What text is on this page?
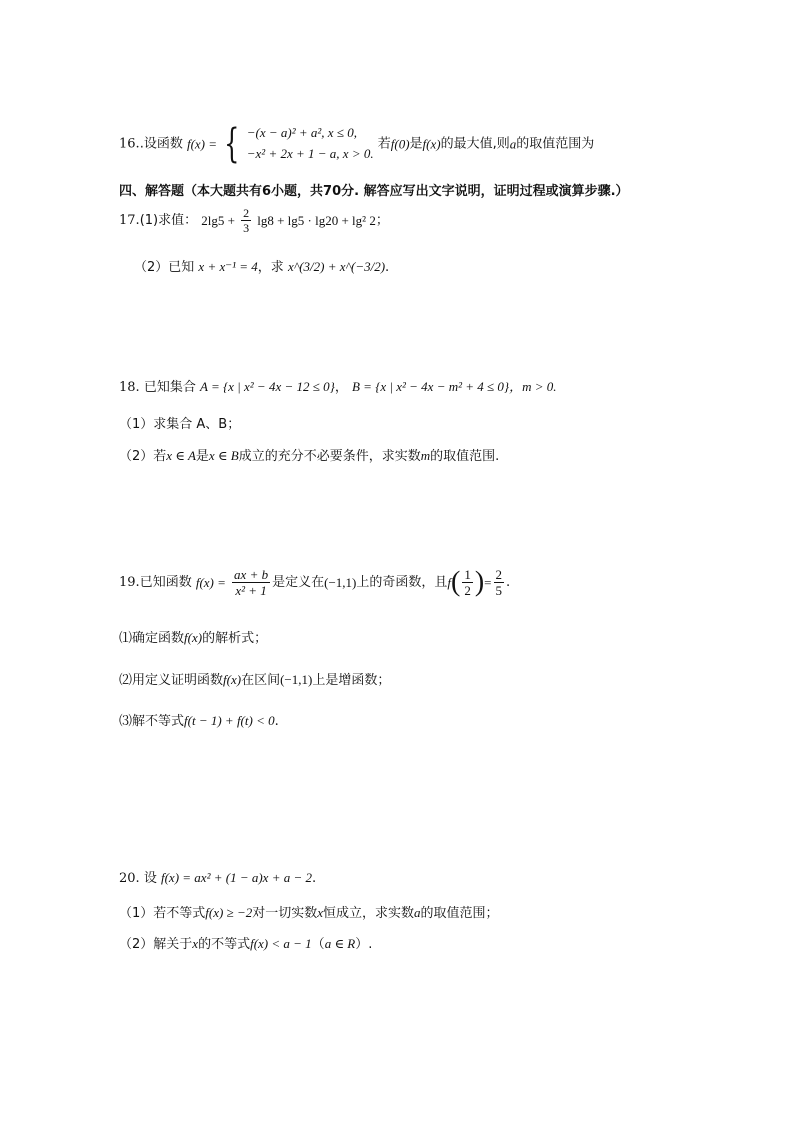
16..设函数 f(x) = { −(x − a)² + a², x ≤ 0,
−x² + 2x + 1 − a, x > 0. 若f(0)是f(x)的最大值,则a的取值范围为
四、解答题（本大题共有6小题，共70分. 解答应写出文字说明，证明过程或演算步骤.）
17.(1)求值： $2\lg 5 + \frac{2}{3} \lg 8 + \lg 5 \cdot \lg 20 + \lg^2$ 2；
（2）已知 x + x⁻¹ = 4，求 x^(3/2) + x^(−3/2).
18. 已知集合 A = {x | x² − 4x − 12 ≤ 0}， B = {x | x² − 4x − m² + 4 ≤ 0}，m > 0.
（1）求集合 A、B；
（2）若x ∈ A是x ∈ B成立的充分不必要条件，求实数m的取值范围.
19.已知函数 $f(x) = \frac{ax + b}{\text{x² + 1}}$ 是定义在(−1,1)上的奇函数，且$f( \frac{1}{2}$ )= $\frac{2}{5}$ .
⑴确定函数f(x)的解析式；
⑵用定义证明函数f(x)在区间(−1,1)上是增函数；
⑶解不等式f(t − 1) + f(t) < 0.
20. 设 f(x) = ax² + (1 − a)x + a − 2.
（1）若不等式f(x) ≥ −2对一切实数x恒成立，求实数a的取值范围；
（2）解关于x的不等式f(x) < a − 1（a ∈ R）.
